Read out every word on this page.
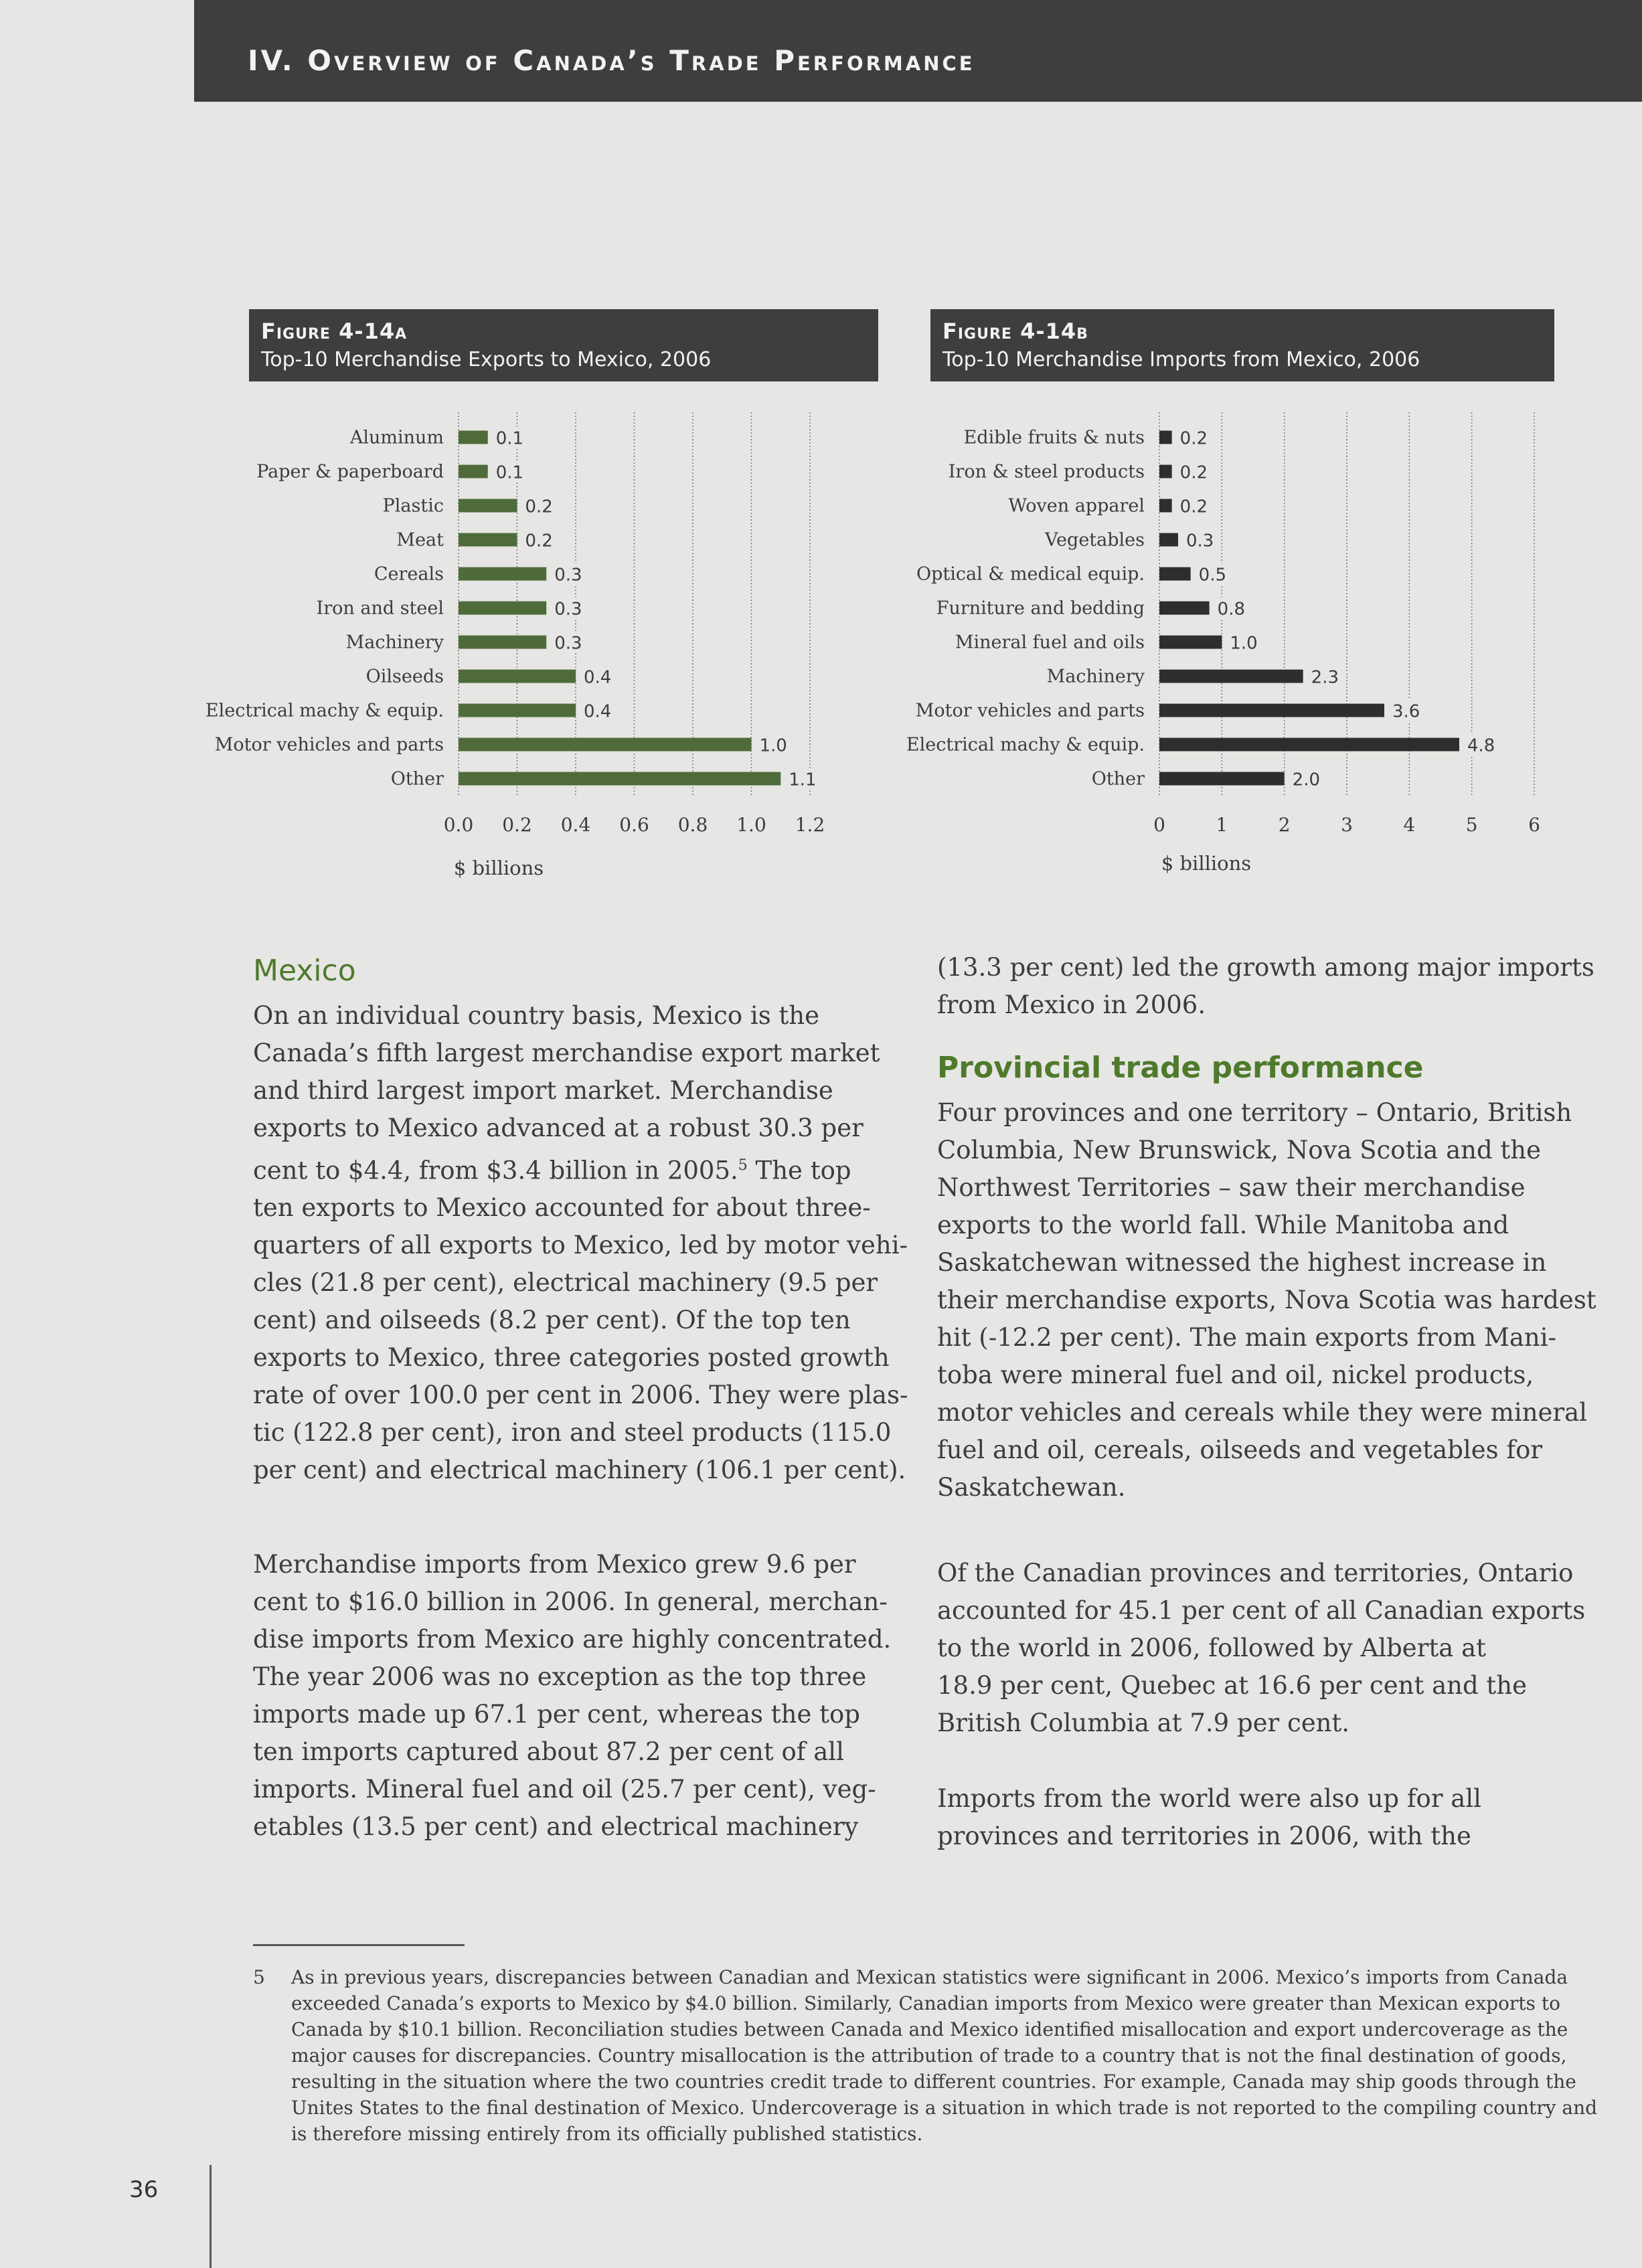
IV. Overview of Canada’s Trade Performance
Figure 4-14a
Top-10 Merchandise Exports to Mexico, 2006
Figure 4-14b
Top-10 Merchandise Imports from Mexico, 2006
0.0 0.2 0.4 0.6 0.8 1.0 1.2
$ billions
Aluminum	0.1
Paper & paperboard	0.1
Plastic	0.2
Meat	0.2
Cereals	0.3
Iron and steel	0.3
Machinery	0.3
Oilseeds	0.4
Electrical machy & equip.	0.4
Motor vehicles and parts	1.0
Other	1.1
0	1	2	3	4	5	6
$ billions
Edible fruits & nuts 0.2
Iron & steel products 0.2
Woven apparel 0.2
Vegetables 0.3
Optical & medical equip.	0.5
Furniture and bedding	0.8
Mineral fuel and oils	1.0
Machinery	2.3
Motor vehicles and parts	3.6
Electrical machy & equip.	4.8
Other	2.0
Mexico
On an individual country basis, Mexico is the
Canada’s fifth largest merchandise export market
and third largest import market. Merchandise
exports to Mexico advanced at a robust 30.3 per
cent to $4.4, from $3.4 billion in 2005.$^5$ The top
ten exports to Mexico accounted for about three-
quarters of all exports to Mexico, led by motor vehi-
cles (21.8 per cent), electrical machinery (9.5 per
cent) and oilseeds (8.2 per cent). Of the top ten
exports to Mexico, three categories posted growth
rate of over 100.0 per cent in 2006. They were plas-
tic (122.8 per cent), iron and steel products (115.0
per cent) and electrical machinery (106.1 per cent).
Merchandise imports from Mexico grew 9.6 per
cent to $16.0 billion in 2006. In general, merchan-
dise imports from Mexico are highly concentrated.
The year 2006 was no exception as the top three
imports made up 67.1 per cent, whereas the top
ten imports captured about 87.2 per cent of all
imports. Mineral fuel and oil (25.7 per cent), veg-
etables (13.5 per cent) and electrical machinery
(13.3 per cent) led the growth among major imports
from Mexico in 2006.
Provincial trade performance
Four provinces and one territory – Ontario, British
Columbia, New Brunswick, Nova Scotia and the
Northwest Territories – saw their merchandise
exports to the world fall. While Manitoba and
Saskatchewan witnessed the highest increase in
their merchandise exports, Nova Scotia was hardest
hit (-12.2 per cent). The main exports from Mani-
toba were mineral fuel and oil, nickel products,
motor vehicles and cereals while they were mineral
fuel and oil, cereals, oilseeds and vegetables for
Saskatchewan.
Of the Canadian provinces and territories, Ontario
accounted for 45.1 per cent of all Canadian exports
to the world in 2006, followed by Alberta at
18.9 per cent, Quebec at 16.6 per cent and the
British Columbia at 7.9 per cent.
Imports from the world were also up for all
provinces and territories in 2006, with the
5 As in previous years, discrepancies between Canadian and Mexican statistics were significant in 2006. Mexico’s imports from Canada
exceeded Canada’s exports to Mexico by $4.0 billion. Similarly, Canadian imports from Mexico were greater than Mexican exports to
Canada by $10.1 billion. Reconciliation studies between Canada and Mexico identified misallocation and export undercoverage as the
major causes for discrepancies. Country misallocation is the attribution of trade to a country that is not the final destination of goods,
resulting in the situation where the two countries credit trade to different countries. For example, Canada may ship goods through the
Unites States to the final destination of Mexico. Undercoverage is a situation in which trade is not reported to the compiling country and
is therefore missing entirely from its officially published statistics.
36
